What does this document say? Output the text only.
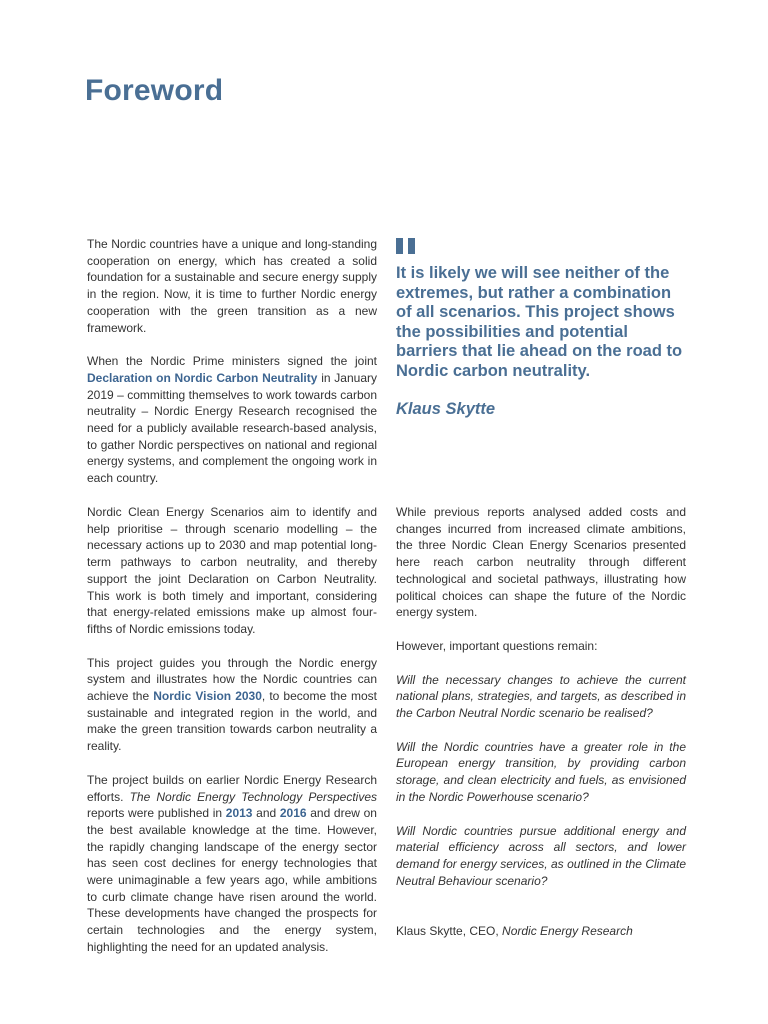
Foreword

The Nordic countries have a unique and long-standing cooperation on energy, which has created a solid foundation for a sustainable and secure energy supply in the region. Now, it is time to further Nordic energy cooperation with the green transition as a new framework.

When the Nordic Prime ministers signed the joint Declaration on Nordic Carbon Neutrality in January 2019 – committing themselves to work towards carbon neutrality – Nordic Energy Research recognised the need for a publicly available research-based analysis, to gather Nordic perspectives on national and regional energy systems, and complement the ongoing work in each country.

It is likely we will see neither of the extremes, but rather a combination of all scenarios. This project shows the possibilities and potential barriers that lie ahead on the road to Nordic carbon neutrality.
Klaus Skytte

Nordic Clean Energy Scenarios aim to identify and help prioritise – through scenario modelling – the necessary actions up to 2030 and map potential long-term pathways to carbon neutrality, and thereby support the joint Declaration on Carbon Neutrality. This work is both timely and important, considering that energy-related emissions make up almost four-fifths of Nordic emissions today.

This project guides you through the Nordic energy system and illustrates how the Nordic countries can achieve the Nordic Vision 2030, to become the most sustainable and integrated region in the world, and make the green transition towards carbon neutrality a reality.

The project builds on earlier Nordic Energy Research efforts. The Nordic Energy Technology Perspectives reports were published in 2013 and 2016 and drew on the best available knowledge at the time. However, the rapidly changing landscape of the energy sector has seen cost declines for energy technologies that were unimaginable a few years ago, while ambitions to curb climate change have risen around the world. These developments have changed the prospects for certain technologies and the energy system, highlighting the need for an updated analysis.

While previous reports analysed added costs and changes incurred from increased climate ambitions, the three Nordic Clean Energy Scenarios presented here reach carbon neutrality through different technological and societal pathways, illustrating how political choices can shape the future of the Nordic energy system.

However, important questions remain:

Will the necessary changes to achieve the current national plans, strategies, and targets, as described in the Carbon Neutral Nordic scenario be realised?

Will the Nordic countries have a greater role in the European energy transition, by providing carbon storage, and clean electricity and fuels, as envisioned in the Nordic Powerhouse scenario?

Will Nordic countries pursue additional energy and material efficiency across all sectors, and lower demand for energy services, as outlined in the Climate Neutral Behaviour scenario?

Klaus Skytte, CEO, Nordic Energy Research
